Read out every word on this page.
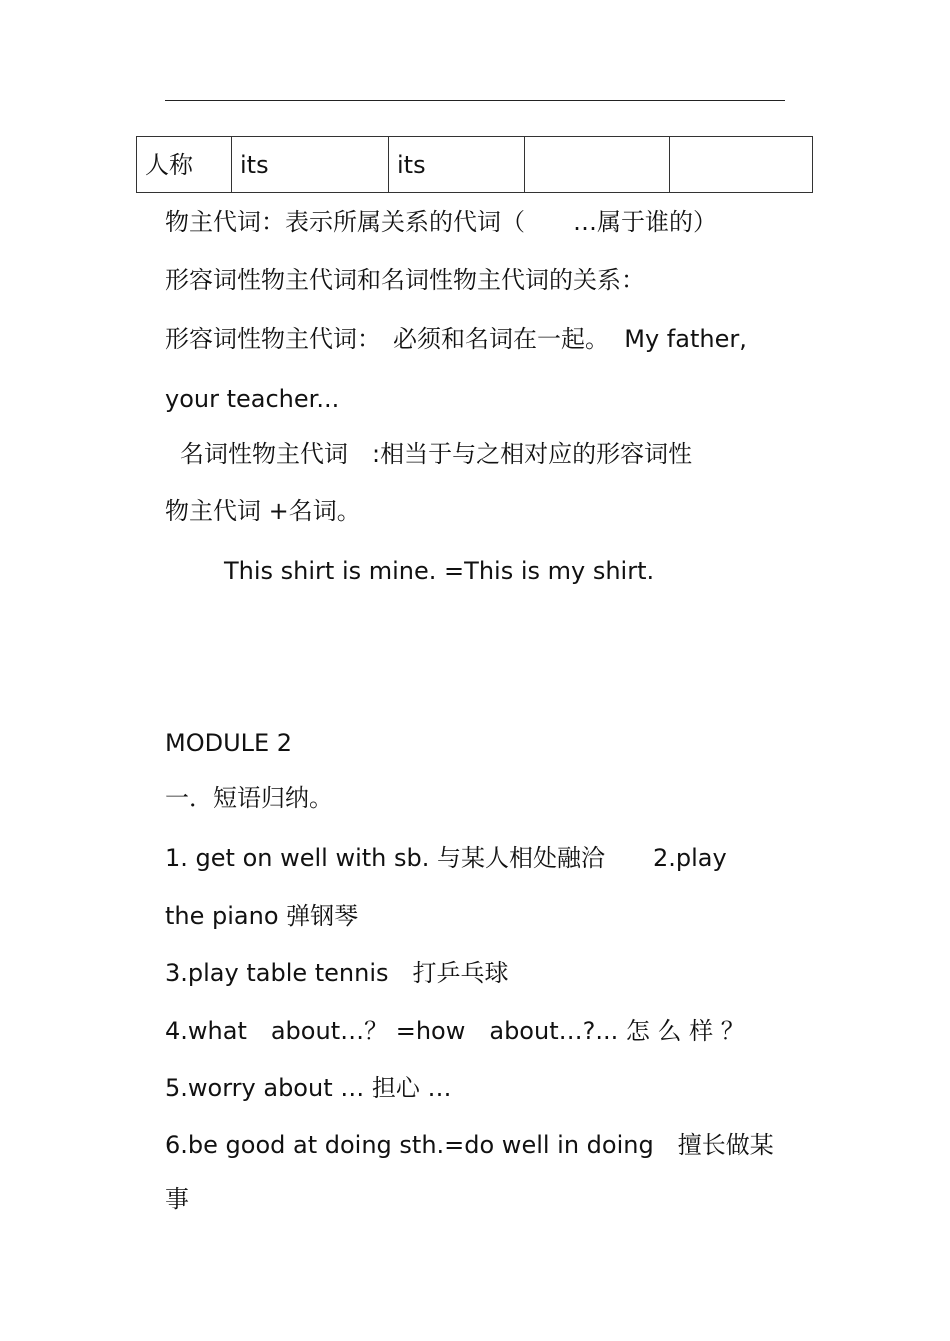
人称	its	its		
物主代词：表示所属关系的代词（　　…属于谁的）
形容词性物主代词和名词性物主代词的关系：
形容词性物主代词：　必须和名词在一起。  My father,
your teacher...
名词性物主代词　:相当于与之相对应的形容词性
物主代词 +名词。
This shirt is mine. =This is my shirt.
MODULE 2
一．短语归纳。
1. get on well with sb. 与某人相处融洽　　2.play
the piano 弹钢琴
3.play table tennis　打乒乓球
4.what　about…？ =how　about…?... 怎 么 样 ？
5.worry about … 担心 …
6.be good at doing sth.=do well in doing　擅长做某
事
